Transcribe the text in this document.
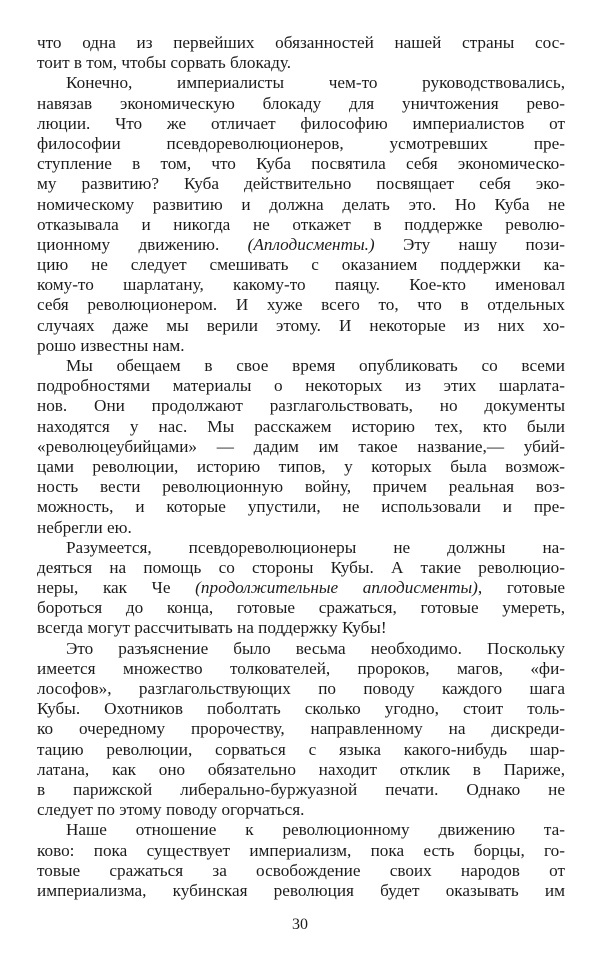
что одна из первейших обязанностей нашей страны сос-
тоит в том, чтобы сорвать блокаду.
Конечно, империалисты чем-то руководствовались,
навязав экономическую блокаду для уничтожения рево-
люции. Что же отличает философию империалистов от
философии псевдореволюционеров, усмотревших пре-
ступление в том, что Куба посвятила себя экономическо-
му развитию? Куба действительно посвящает себя эко-
номическому развитию и должна делать это. Но Куба не
отказывала и никогда не откажет в поддержке револю-
ционному движению. (Аплодисменты.) Эту нашу пози-
цию не следует смешивать с оказанием поддержки ка-
кому-то шарлатану, какому-то паяцу. Кое-кто именовал
себя революционером. И хуже всего то, что в отдельных
случаях даже мы верили этому. И некоторые из них хо-
рошо известны нам.
Мы обещаем в свое время опубликовать со всеми
подробностями материалы о некоторых из этих шарлата-
нов. Они продолжают разглагольствовать, но документы
находятся у нас. Мы расскажем историю тех, кто были
«революцеубийцами» — дадим им такое название,— убий-
цами революции, историю типов, у которых была возмож-
ность вести революционную войну, причем реальная воз-
можность, и которые упустили, не использовали и пре-
небрегли ею.
Разумеется, псевдореволюционеры не должны на-
деяться на помощь со стороны Кубы. А такие революцио-
неры, как Че (продолжительные аплодисменты), готовые
бороться до конца, готовые сражаться, готовые умереть,
всегда могут рассчитывать на поддержку Кубы!
Это разъяснение было весьма необходимо. Поскольку
имеется множество толкователей, пророков, магов, «фи-
лософов», разглагольствующих по поводу каждого шага
Кубы. Охотников поболтать сколько угодно, стоит толь-
ко очередному пророчеству, направленному на дискреди-
тацию революции, сорваться с языка какого-нибудь шар-
латана, как оно обязательно находит отклик в Париже,
в парижской либерально-буржуазной печати. Однако не
следует по этому поводу огорчаться.
Наше отношение к революционному движению та-
ково: пока существует империализм, пока есть борцы, го-
товые сражаться за освобождение своих народов от
империализма, кубинская революция будет оказывать им
30
